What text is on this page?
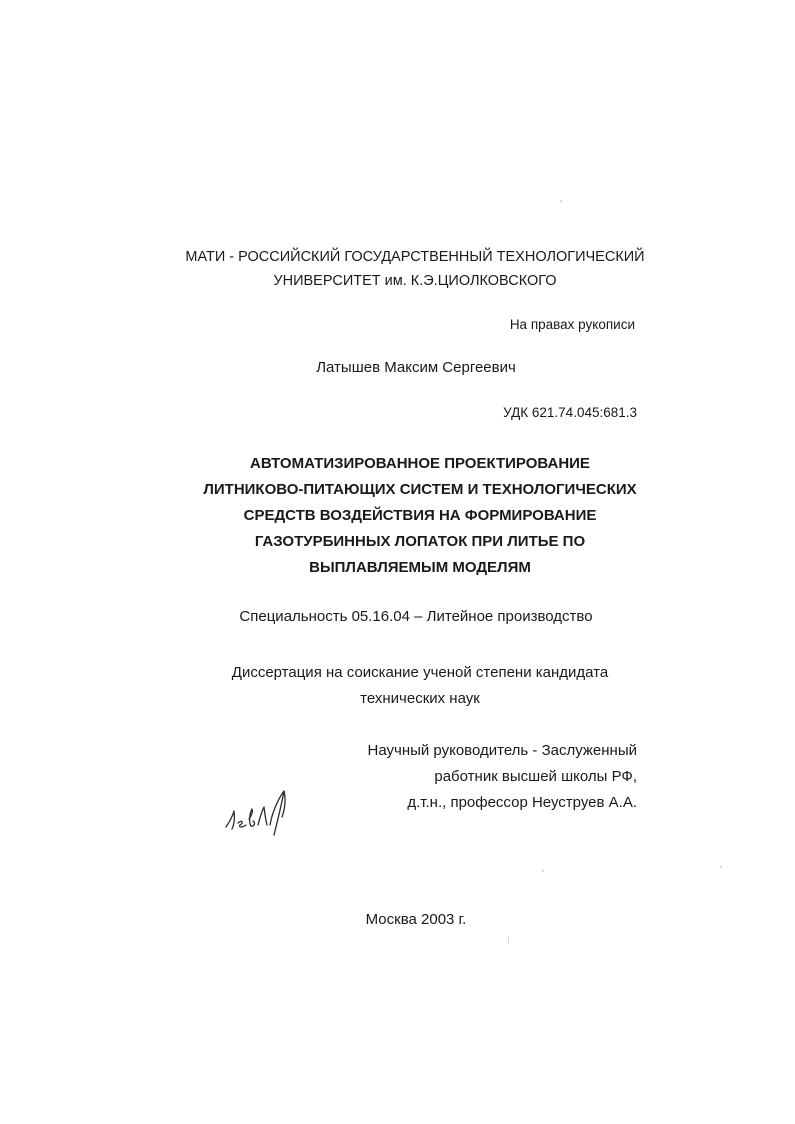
МАТИ - РОССИЙСКИЙ ГОСУДАРСТВЕННЫЙ ТЕХНОЛОГИЧЕСКИЙ
УНИВЕРСИТЕТ им. К.Э.ЦИОЛКОВСКОГО
На правах рукописи
Латышев Максим Сергеевич
УДК 621.74.045:681.3
АВТОМАТИЗИРОВАННОЕ ПРОЕКТИРОВАНИЕ
ЛИТНИКОВО-ПИТАЮЩИХ СИСТЕМ И ТЕХНОЛОГИЧЕСКИХ
СРЕДСТВ ВОЗДЕЙСТВИЯ НА ФОРМИРОВАНИЕ
ГАЗОТУРБИННЫХ ЛОПАТОК ПРИ ЛИТЬЕ ПО
ВЫПЛАВЛЯЕМЫМ МОДЕЛЯМ
Специальность 05.16.04 – Литейное производство
Диссертация на соискание ученой степени кандидата
технических наук
Научный руководитель - Заслуженный
работник высшей школы РФ,
д.т.н., профессор Неуструев А.А.
Москва 2003 г.
